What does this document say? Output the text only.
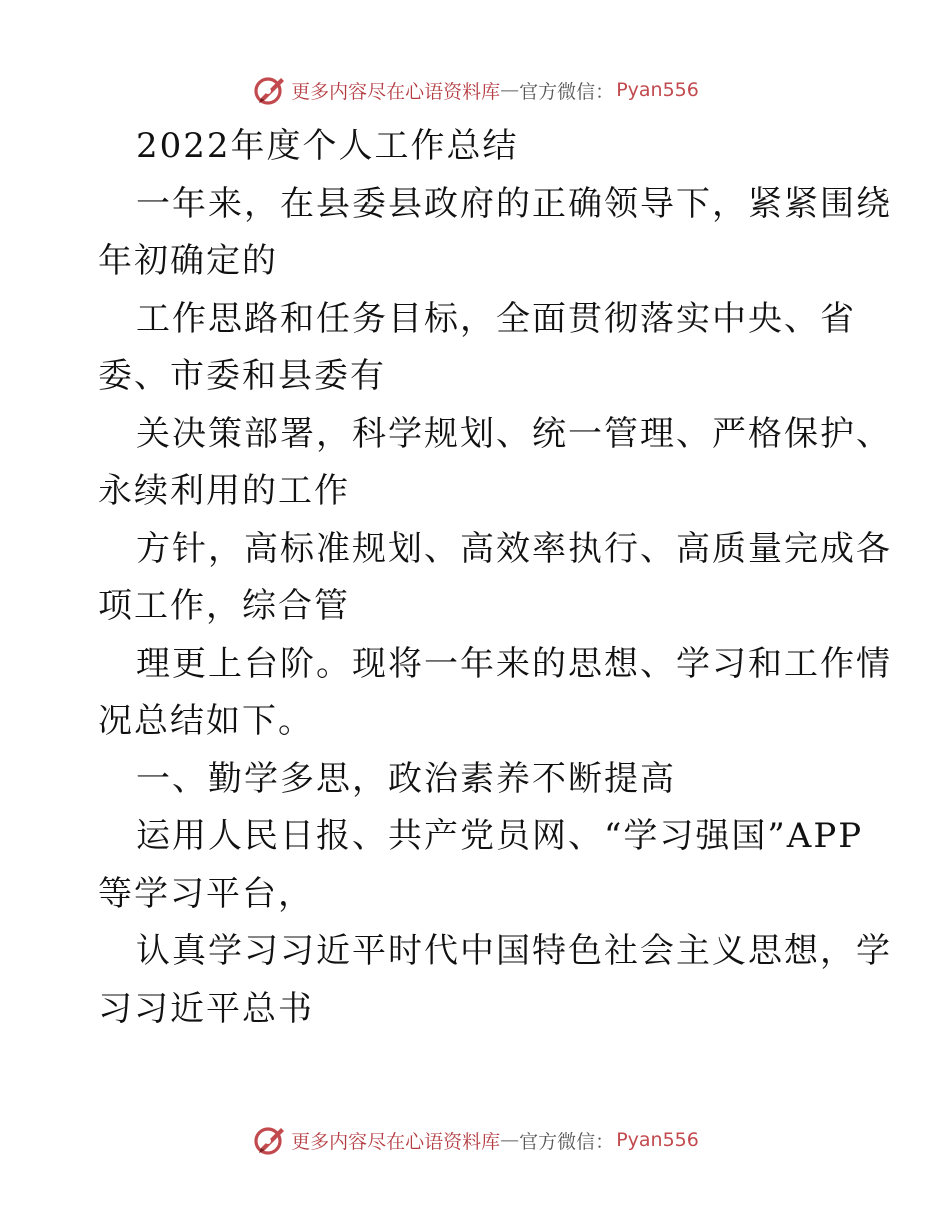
更多内容尽在心语资料库 — 官方微信： Pyan556
2022年度个人工作总结
一年来，在县委县政府的正确领导下，紧紧围绕
年初确定的
工作思路和任务目标，全面贯彻落实中央、省
委、市委和县委有
关决策部署，科学规划、统一管理、严格保护、
永续利用的工作
方针，高标准规划、高效率执行、高质量完成各
项工作，综合管
理更上台阶。现将一年来的思想、学习和工作情
况总结如下。
一、勤学多思，政治素养不断提高
运用人民日报、共产党员网、“学习强国”APP
等学习平台，
认真学习习近平时代中国特色社会主义思想，学
习习近平总书
更多内容尽在心语资料库 — 官方微信： Pyan556
